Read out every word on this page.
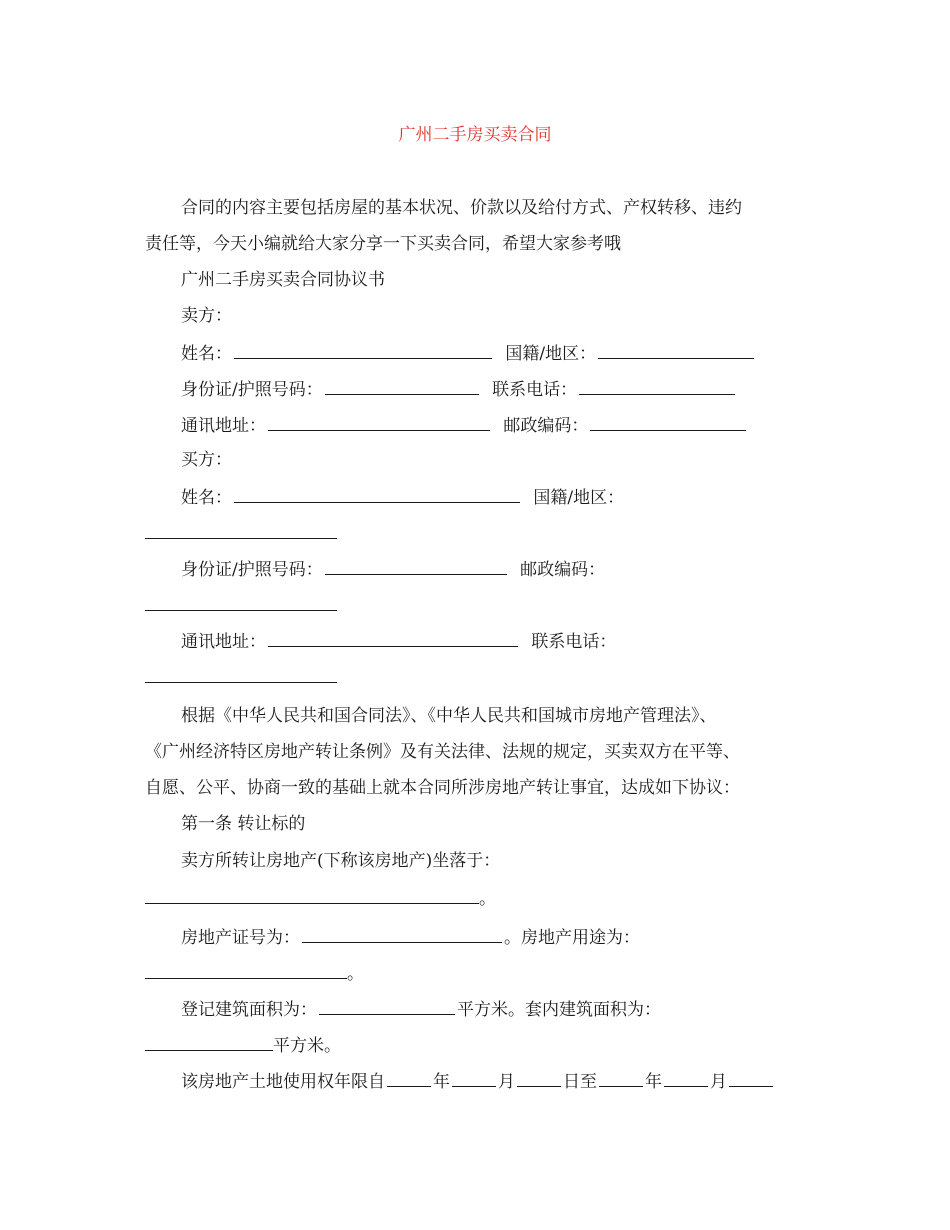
广州二手房买卖合同
合同的内容主要包括房屋的基本状况、价款以及给付方式、产权转移、违约
责任等，今天小编就给大家分享一下买卖合同，希望大家参考哦
广州二手房买卖合同协议书
卖方：
姓名：	国籍/地区：
身份证/护照号码：	联系电话：
通讯地址：	邮政编码：
买方：
姓名：	国籍/地区：
身份证/护照号码：	邮政编码：
通讯地址：	联系电话：
根据《中华人民共和国合同法》、《中华人民共和国城市房地产管理法》、
《广州经济特区房地产转让条例》及有关法律、法规的规定，买卖双方在平等、
自愿、公平、协商一致的基础上就本合同所涉房地产转让事宜，达成如下协议：
第一条 转让标的
卖方所转让房地产(下称该房地产)坐落于：
。
房地产证号为：	。房地产用途为：
。
登记建筑面积为：	平方米。套内建筑面积为：
平方米。
该房地产土地使用权年限自	年	月	日至	年	月
